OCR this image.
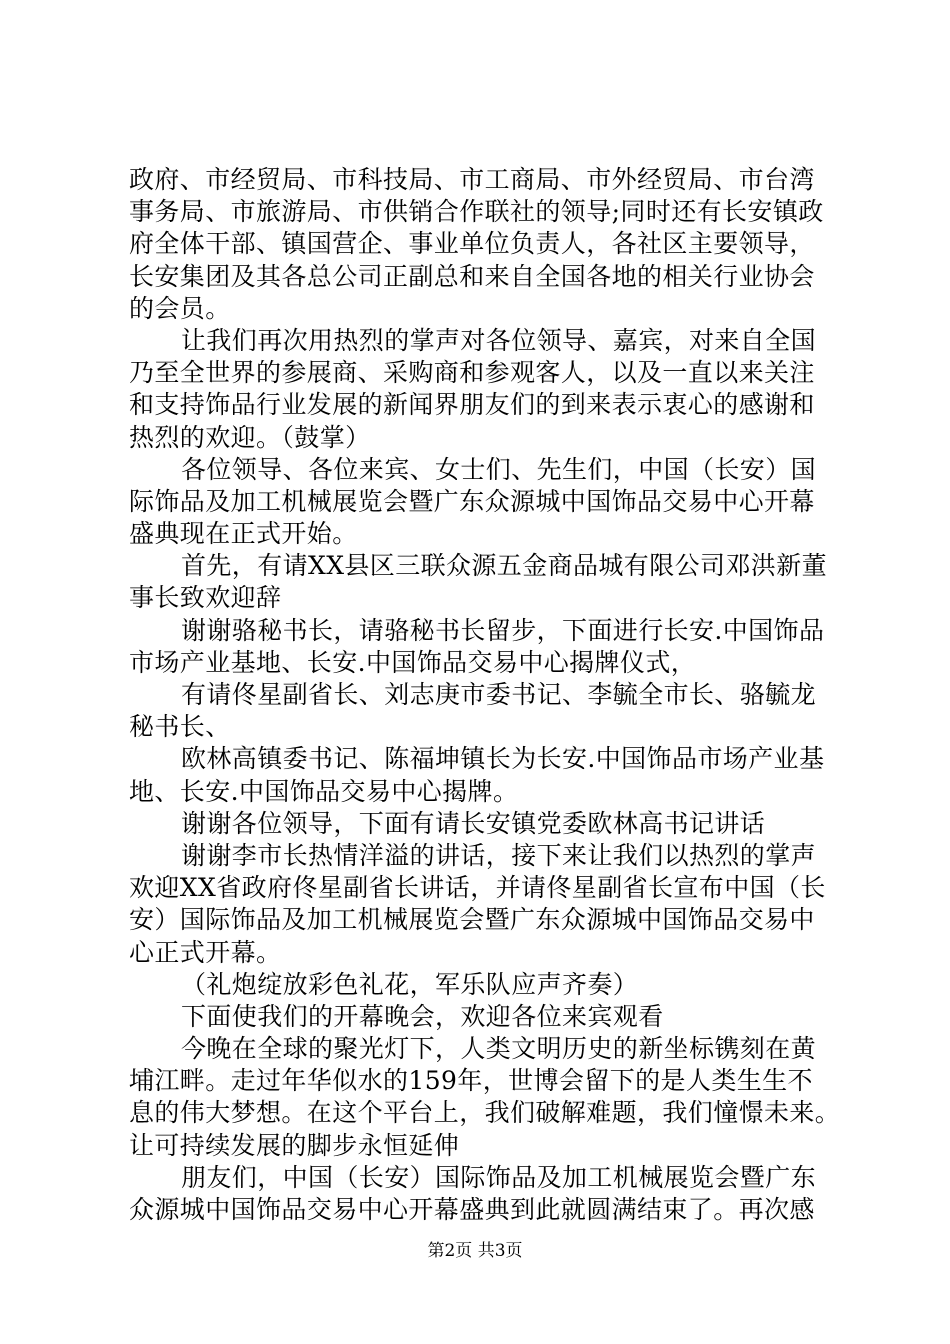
政府、市经贸局、市科技局、市工商局、市外经贸局、市台湾
事务局、市旅游局、市供销合作联社的领导;同时还有长安镇政
府全体干部、镇国营企、事业单位负责人，各社区主要领导，
长安集团及其各总公司正副总和来自全国各地的相关行业协会
的会员。
让我们再次用热烈的掌声对各位领导、嘉宾，对来自全国
乃至全世界的参展商、采购商和参观客人，以及一直以来关注
和支持饰品行业发展的新闻界朋友们的到来表示衷心的感谢和
热烈的欢迎。（鼓掌）
各位领导、各位来宾、女士们、先生们，中国（长安）国
际饰品及加工机械展览会暨广东众源城中国饰品交易中心开幕
盛典现在正式开始。
首先，有请XX县区三联众源五金商品城有限公司邓洪新董
事长致欢迎辞
谢谢骆秘书长，请骆秘书长留步，下面进行长安.中国饰品
市场产业基地、长安.中国饰品交易中心揭牌仪式，
有请佟星副省长、刘志庚市委书记、李毓全市长、骆毓龙
秘书长、
欧林高镇委书记、陈福坤镇长为长安.中国饰品市场产业基
地、长安.中国饰品交易中心揭牌。
谢谢各位领导，下面有请长安镇党委欧林高书记讲话
谢谢李市长热情洋溢的讲话，接下来让我们以热烈的掌声
欢迎XX省政府佟星副省长讲话，并请佟星副省长宣布中国（长
安）国际饰品及加工机械展览会暨广东众源城中国饰品交易中
心正式开幕。
（礼炮绽放彩色礼花，军乐队应声齐奏）
下面使我们的开幕晚会，欢迎各位来宾观看
今晚在全球的聚光灯下，人类文明历史的新坐标镌刻在黄
埔江畔。走过年华似水的159年，世博会留下的是人类生生不
息的伟大梦想。在这个平台上，我们破解难题，我们憧憬未来。
让可持续发展的脚步永恒延伸
朋友们，中国（长安）国际饰品及加工机械展览会暨广东
众源城中国饰品交易中心开幕盛典到此就圆满结束了。再次感
第2页 共3页
